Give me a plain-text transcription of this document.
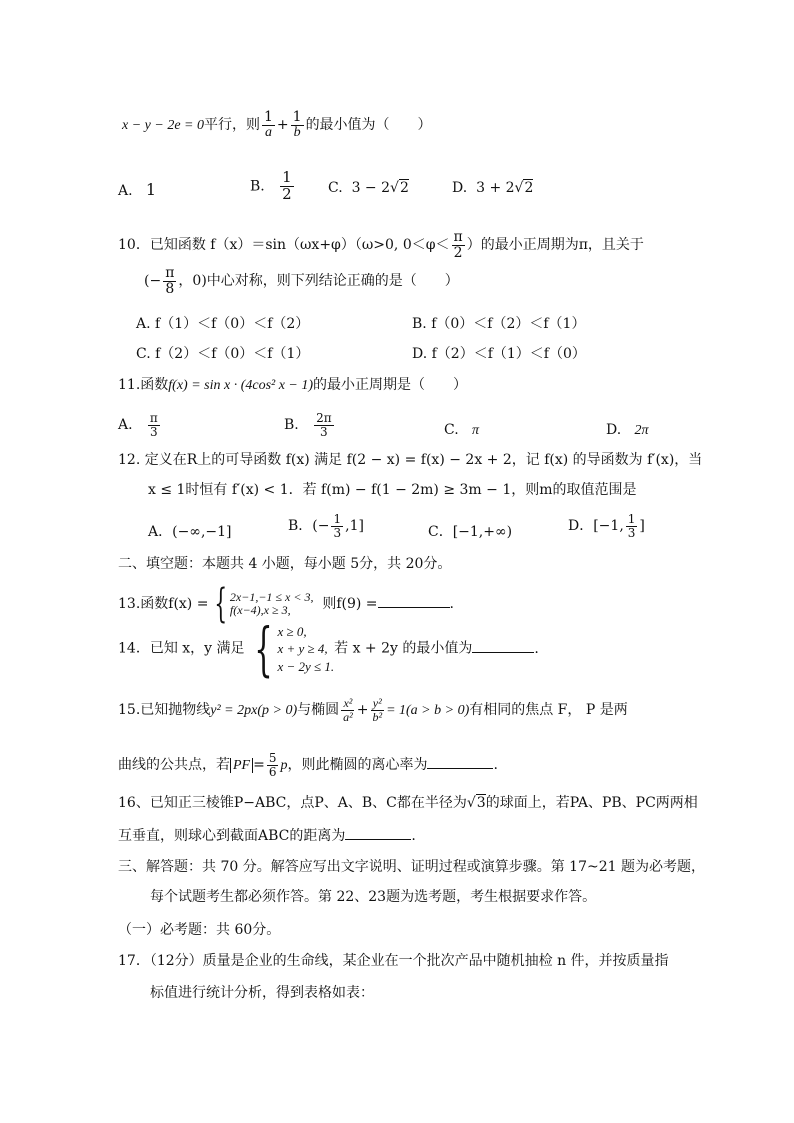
x − y − 2e = 0平行，则 $\frac{1}{a} + \frac{1}{b}$ 的最小值为（　　）
A. 1	B. $\frac{1}{2} C$. 3 − 2√2	D. 3 + 2√2
10．已知函数 f（x）＝sin（ωx+φ）（ω>0, $0<\varphi< \frac{\pi}{2}$ ）的最小正周期为π，且关于
(− $\frac{\pi}{8}$ ，0)中心对称，则下列结论正确的是（　　）
A. f（1）＜f（0）＜f（2）	B. f（0）＜f（2）＜f（1）
C. f（2）＜f（0）＜f（1）	D. f（2）＜f（1）＜f（0）
11.函数f(x) = sin x · (4cos² x − 1)的最小正周期是（　　）
A. $\frac{\pi}{3}$	B. $\frac{2\pi}{3}$	C. π	D. 2π
12. 定义在R上的可导函数 f(x) 满足 f(2 − x) = f(x) − 2x + 2，记 f(x) 的导函数为 f′(x)，当
x ≤ 1时恒有 f′(x) < 1．若 f(m) − f(1 − 2m) ≥ 3m − 1，则m的取值范围是
A．(−∞,−1]	B．(− $\frac{1}{3} ,1$]	C．[−1,+∞)	D．[−1, $\frac{1}{3}$ ]
二、填空题：本题共 4 小题，每小题 5分，共 20分。
13.函数f(x) = { 2x−1,−1 ≤ x < 3,
f(x−4),x ≥ 3,	则f(9) =	.
14．已知 x，y 满足 { x ≥ 0,
x + y ≥ 4,
x − 2y ≤ 1.
若 x + 2y 的最小值为	.
15.已知抛物线y² = 2px(p > 0)与椭圆 $\frac{\text{x²}}{\text{a²}} + \frac{\text{y²}}{\text{b²}} = 1(a > b > 0)$有相同的焦点 F， P 是两
曲线的公共点，若 PF = $\frac{5}{6}$ p，则此椭圆的离心率为	.
16、已知正三棱锥P−ABC，点P、A、B、C都在半径为√3的球面上，若PA、PB、PC两两相
互垂直，则球心到截面ABC的距离为	.
三、解答题：共 70 分。解答应写出文字说明、证明过程或演算步骤。第 17~21 题为必考题，
每个试题考生都必须作答。第 22、23题为选考题，考生根据要求作答。
（一）必考题：共 60分。
17．（12分）质量是企业的生命线，某企业在一个批次产品中随机抽检 n 件，并按质量指
标值进行统计分析，得到表格如表：
